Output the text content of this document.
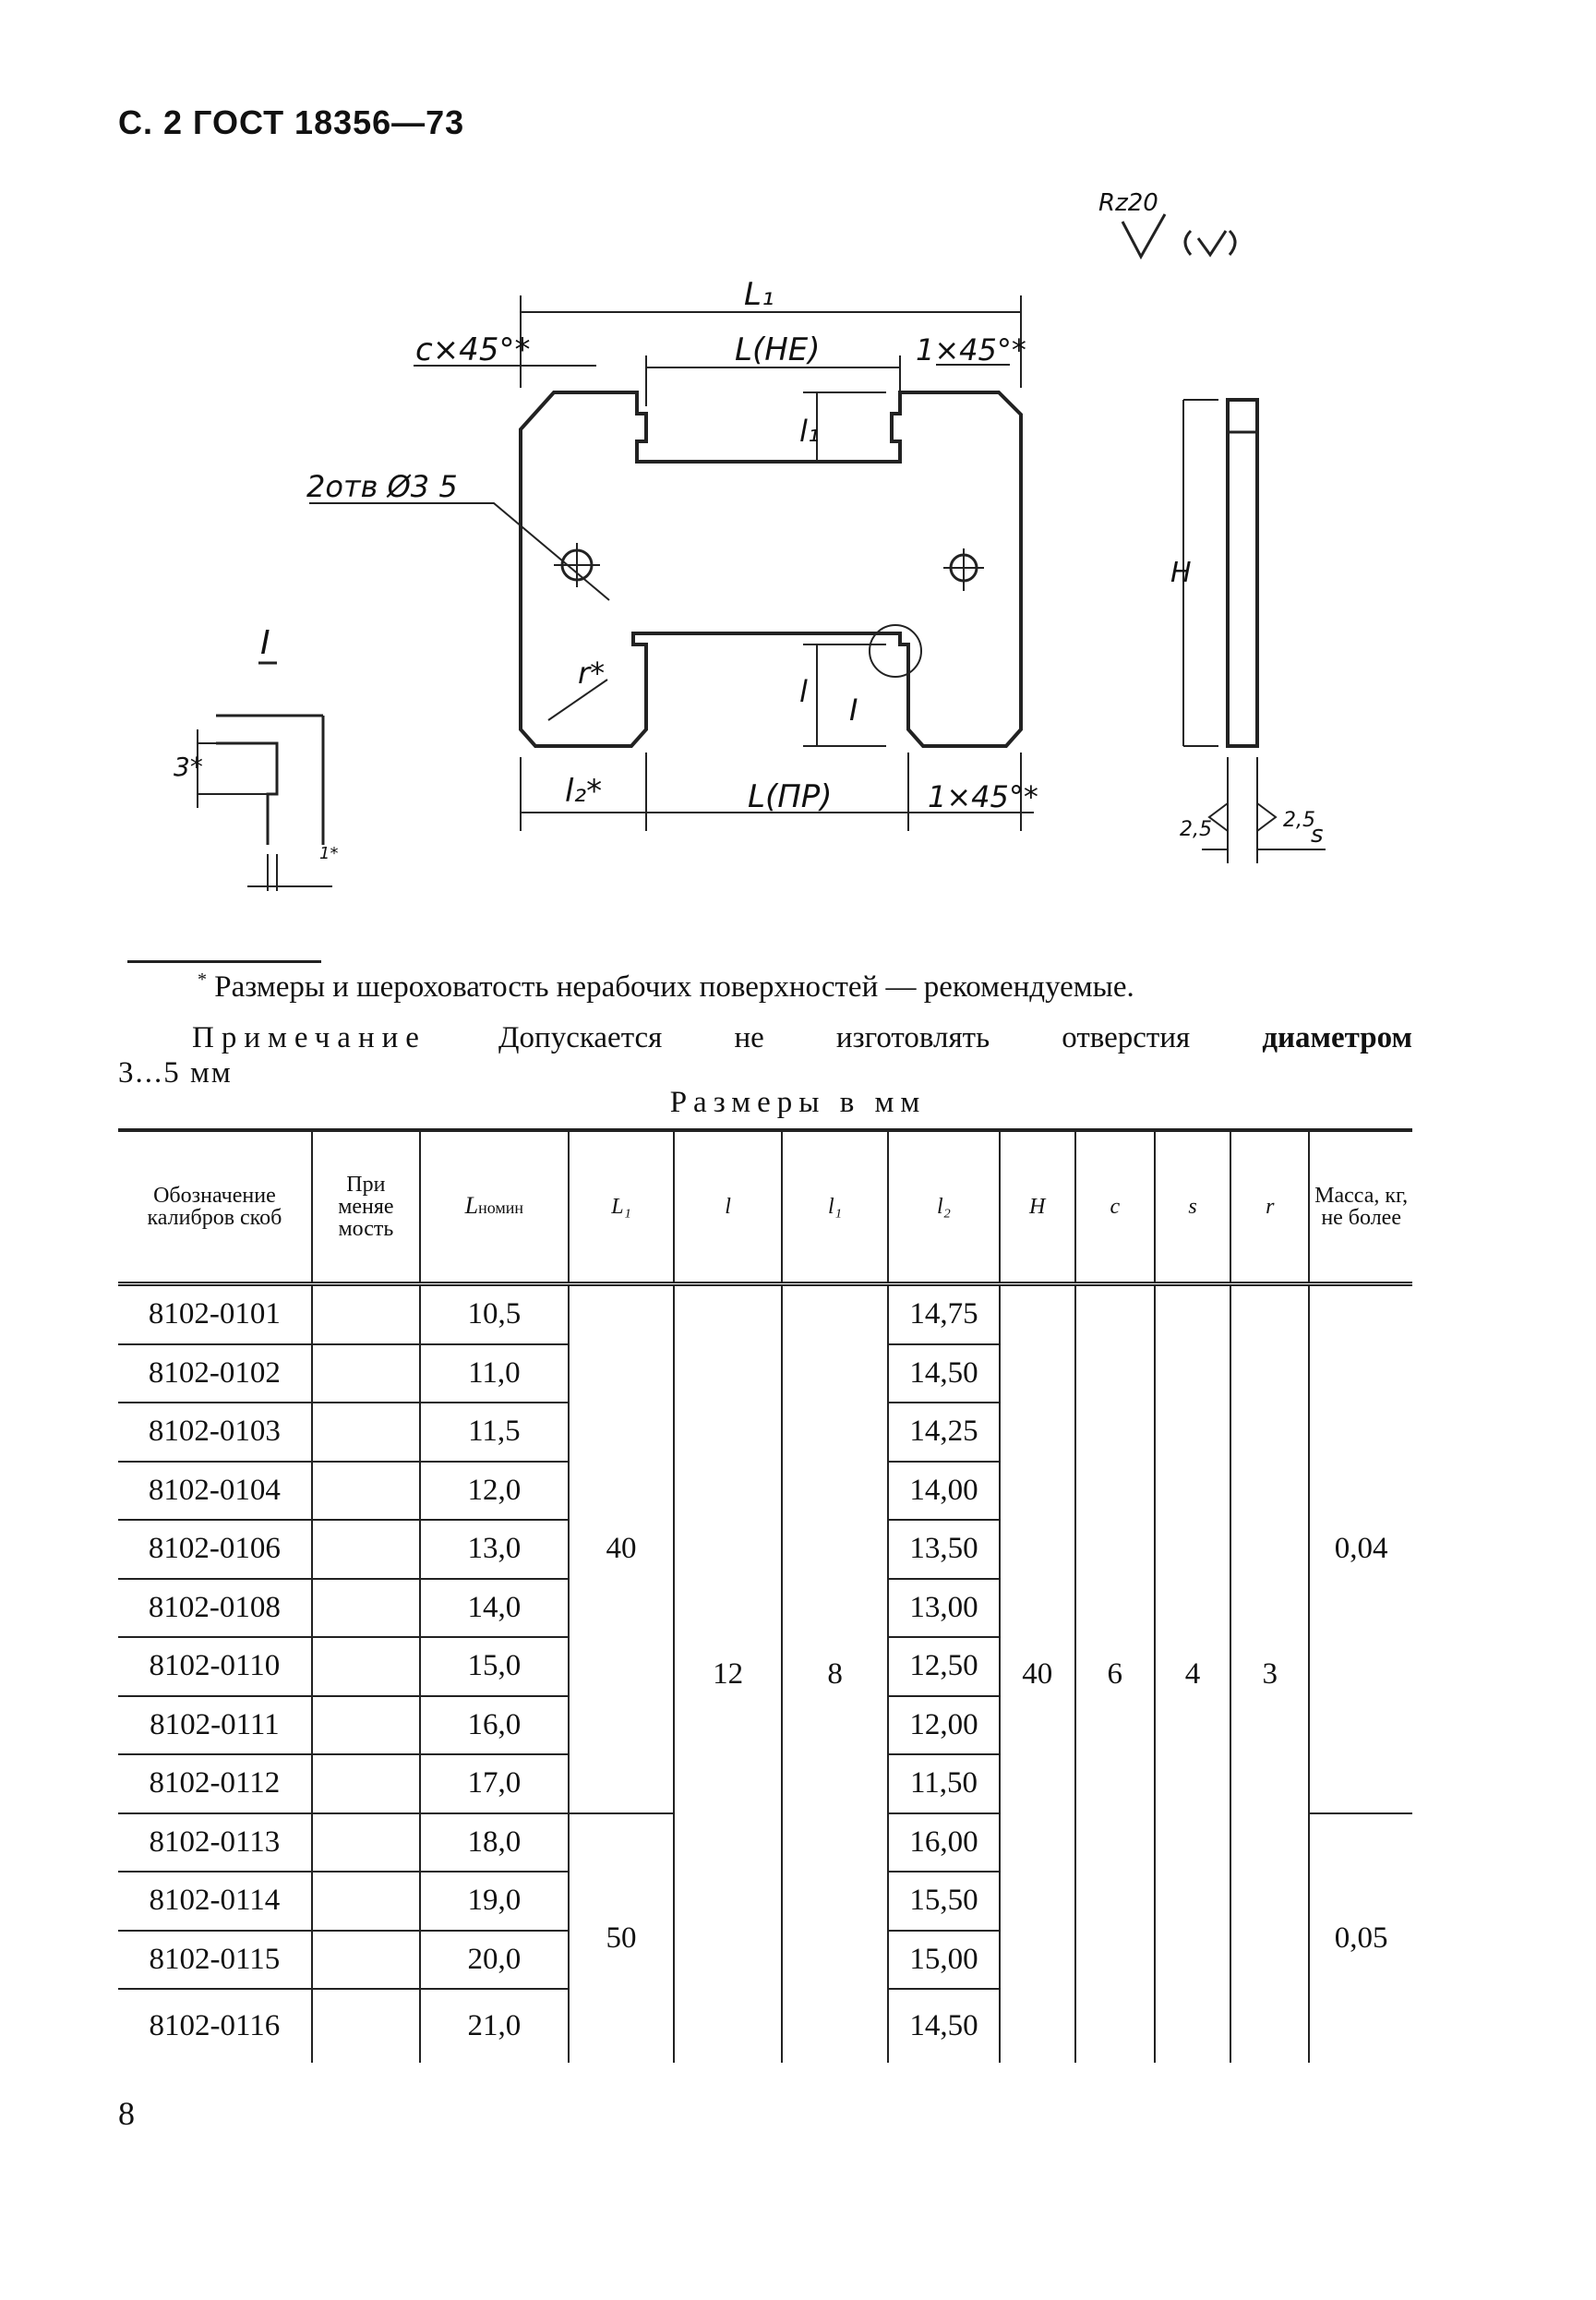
С. 2 ГОСТ 18356—73
Rz20
L₁
L(НЕ)
c×45°*	1×45°*
l₁
2отв Ø3 5
l
I
r*
l₂*	L(ПР)	1×45°*
H
s
2,5	2,5
I
3*
1*
* Размеры и шероховатость нерабочих поверхностей — рекомендуемые.
Примечание Допускается не изготовлять отверстия диаметром
3...5 мм
Размеры в мм
Обозначение калибров скоб	При меняе мость	Lномин	L₁	l	l₁	l₂	H	c	s	r	Масса, кг, не более
8102-0101		10,5	40	12	8	14,75	40	6	4	3	0,04
8102-0102		11,0				14,50					
8102-0103		11,5				14,25					
8102-0104		12,0				14,00					
8102-0106		13,0				13,50					
8102-0108		14,0				13,00					
8102-0110		15,0				12,50					
8102-0111		16,0				12,00					
8102-0112		17,0				11,50					
8102-0113		18,0	50			16,00					0,05
8102-0114		19,0				15,50					
8102-0115		20,0				15,00					
8102-0116		21,0				14,50					
8
